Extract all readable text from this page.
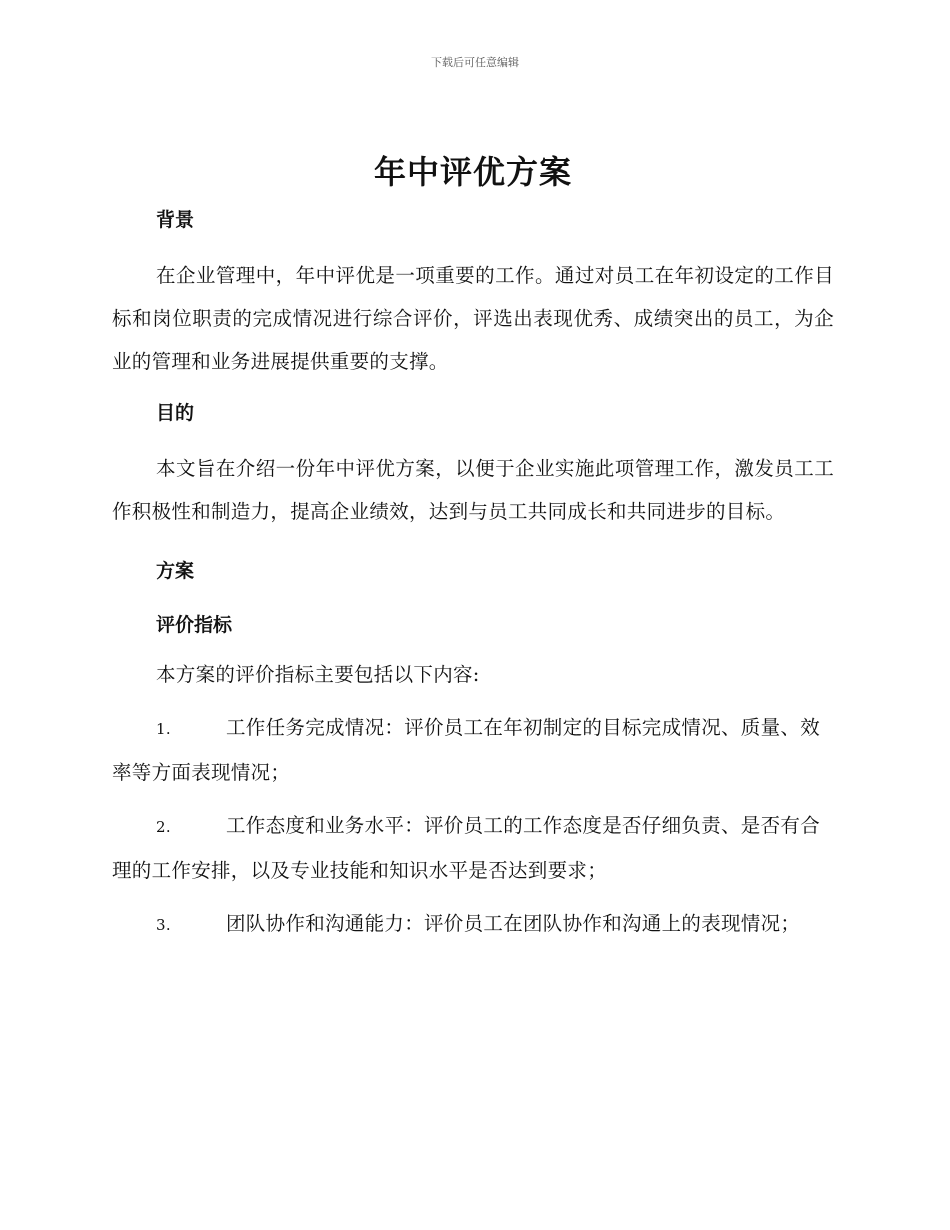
下载后可任意编辑
年中评优方案
背景

在企业管理中，年中评优是一项重要的工作。通过对员工在年初设定的工作目标和岗位职责的完成情况进行综合评价，评选出表现优秀、成绩突出的员工，为企业的管理和业务进展提供重要的支撑。

目的

本文旨在介绍一份年中评优方案，以便于企业实施此项管理工作，激发员工工作积极性和制造力，提高企业绩效，达到与员工共同成长和共同进步的目标。

方案
评价指标

本方案的评价指标主要包括以下内容:

1.	工作任务完成情况：评价员工在年初制定的目标完成情况、质量、效率等方面表现情况；

2.	工作态度和业务水平：评价员工的工作态度是否仔细负责、是否有合理的工作安排，以及专业技能和知识水平是否达到要求；

3.	团队协作和沟通能力：评价员工在团队协作和沟通上的表现情况；
